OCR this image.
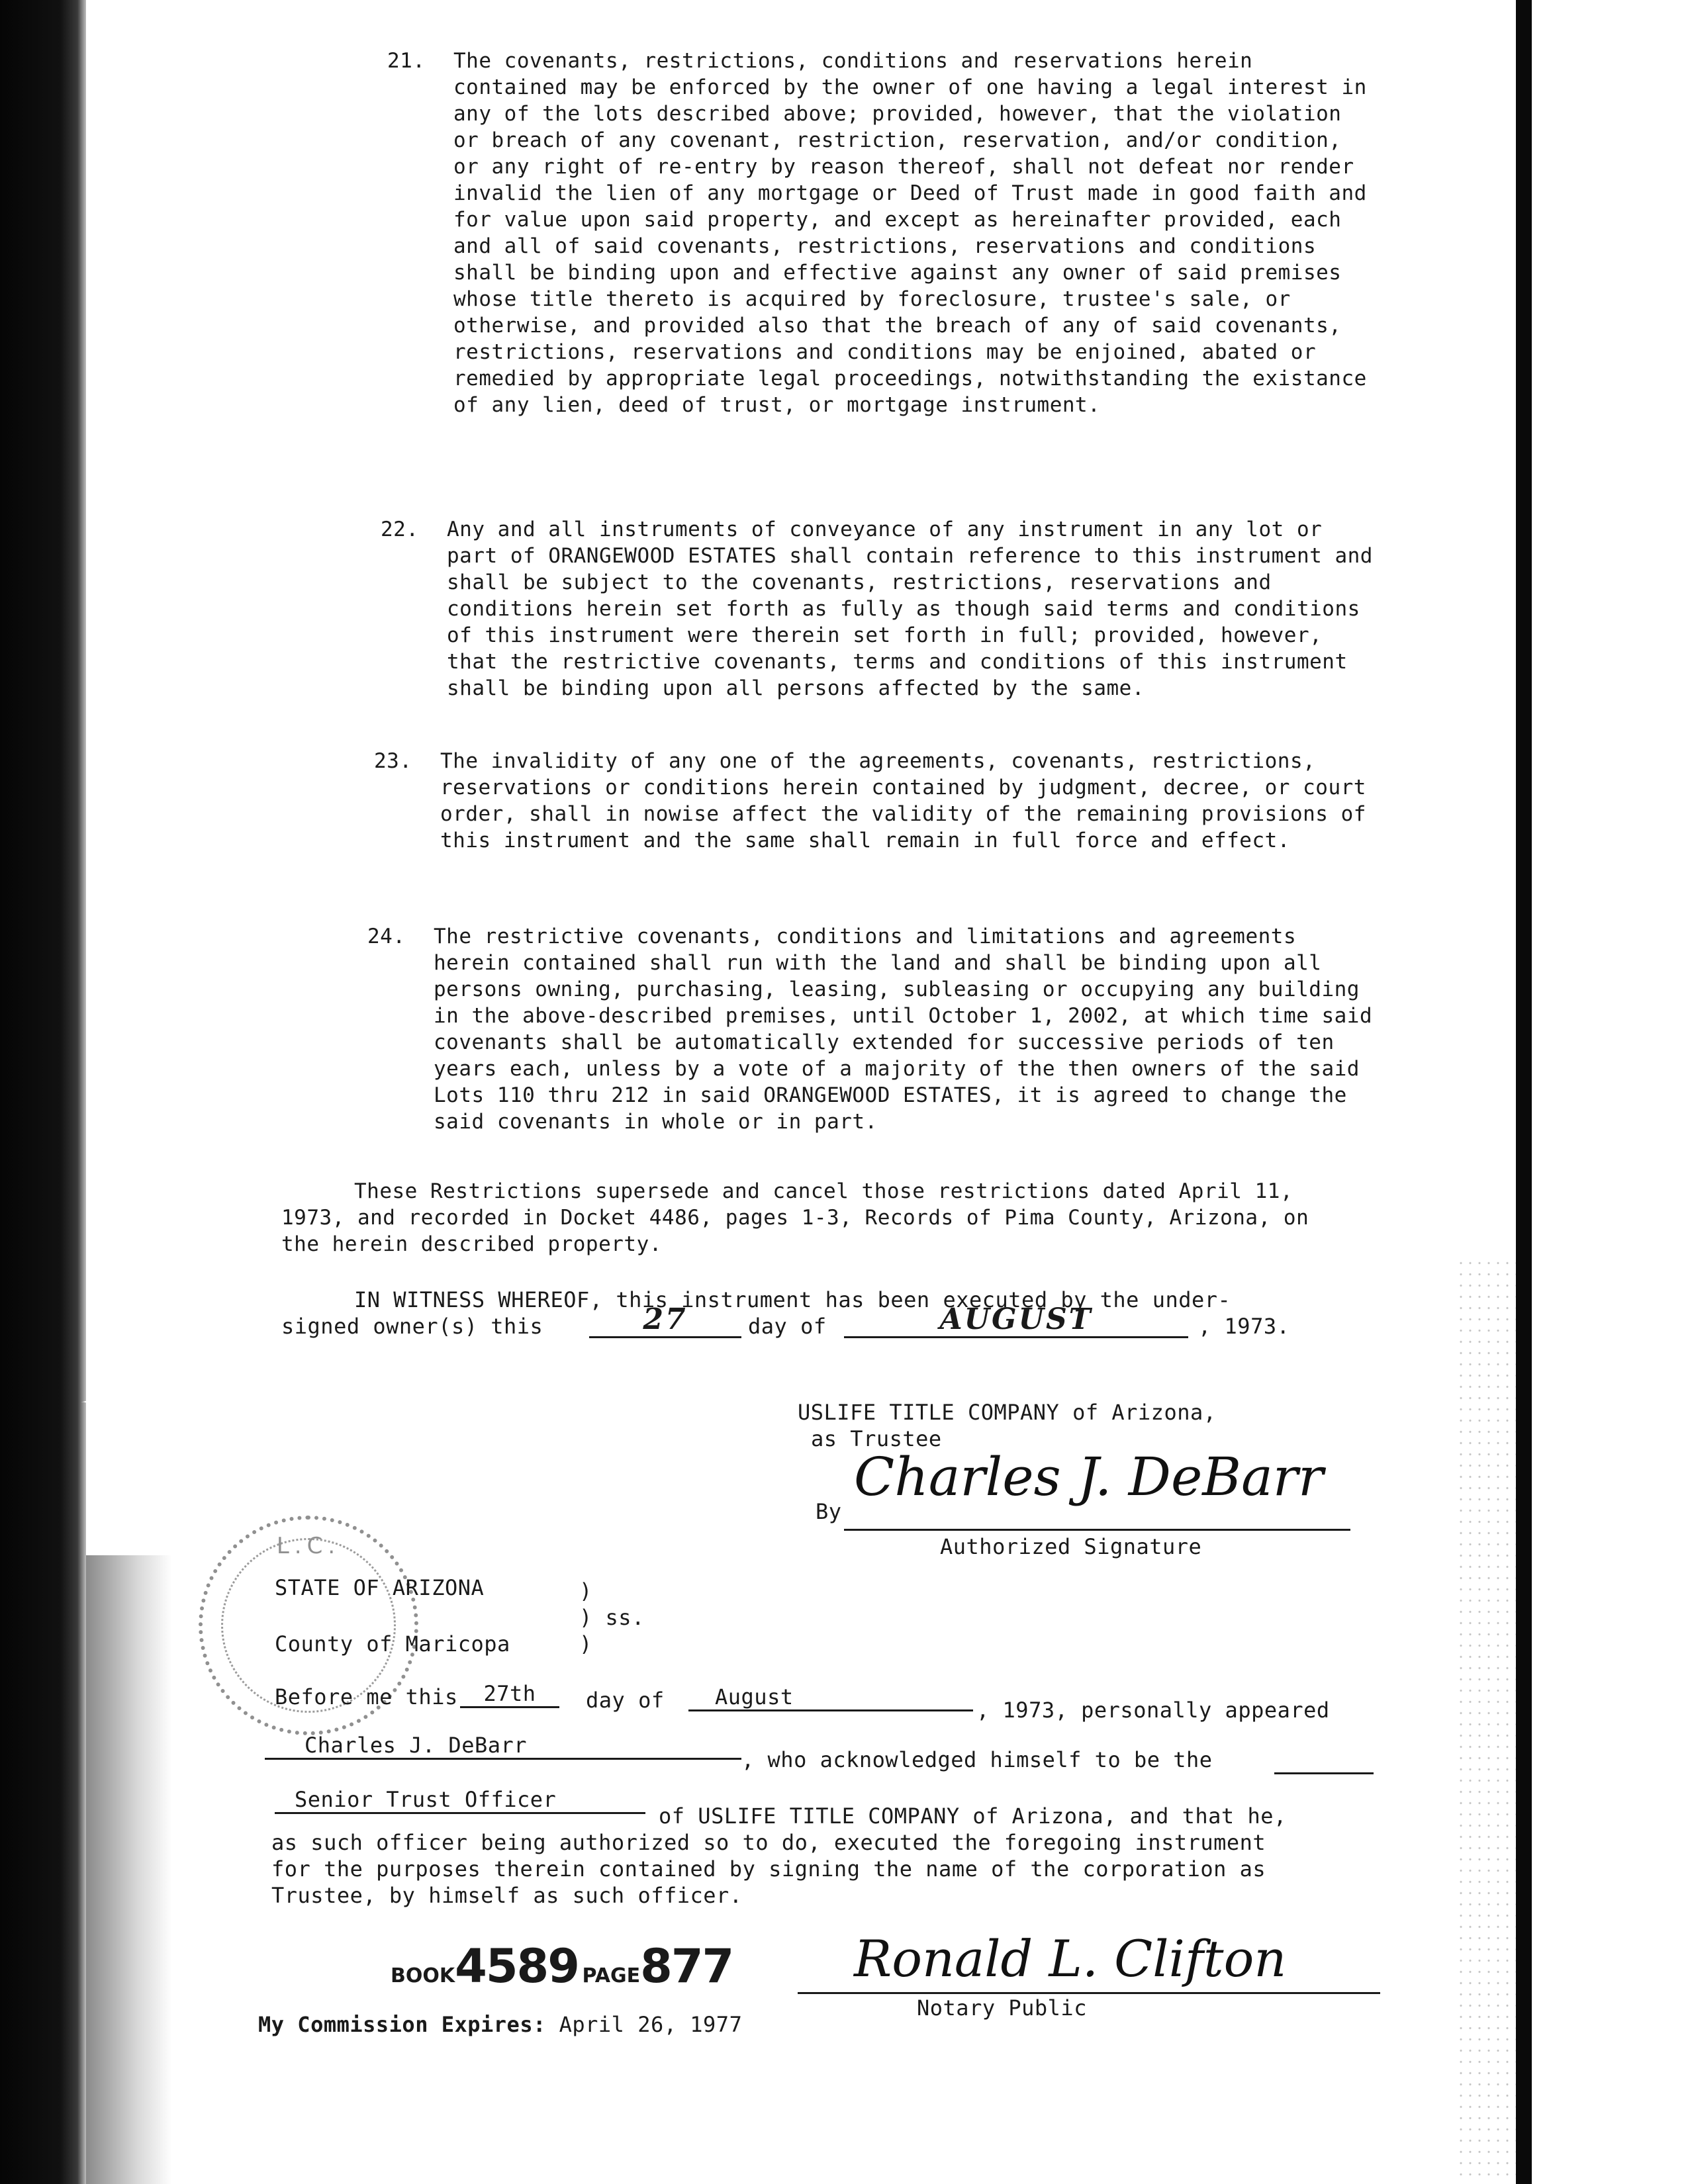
✦
21. The covenants, restrictions, conditions and reservations herein contained may be enforced by the owner of one having a legal interest in any of the lots described above; provided, however, that the violation or breach of any covenant, restriction, reservation, and/or condition, or any right of re-entry by reason thereof, shall not defeat nor render invalid the lien of any mortgage or Deed of Trust made in good faith and for value upon said property, and except as hereinafter provided, each and all of said covenants, restrictions, reservations and conditions shall be binding upon and effective against any owner of said premises whose title thereto is acquired by foreclosure, trustee's sale, or otherwise, and provided also that the breach of any of said covenants, restrictions, reservations and conditions may be enjoined, abated or remedied by appropriate legal proceedings, notwithstanding the existance of any lien, deed of trust, or mortgage instrument.
22. Any and all instruments of conveyance of any instrument in any lot or part of ORANGEWOOD ESTATES shall contain reference to this instrument and shall be subject to the covenants, restrictions, reservations and conditions herein set forth as fully as though said terms and conditions of this instrument were therein set forth in full; provided, however, that the restrictive covenants, terms and conditions of this instrument shall be binding upon all persons affected by the same.
23. The invalidity of any one of the agreements, covenants, restrictions, reservations or conditions herein contained by judgment, decree, or court order, shall in nowise affect the validity of the remaining provisions of this instrument and the same shall remain in full force and effect.
24. The restrictive covenants, conditions and limitations and agreements herein contained shall run with the land and shall be binding upon all persons owning, purchasing, leasing, subleasing or occupying any building in the above-described premises, until October 1, 2002, at which time said covenants shall be automatically extended for successive periods of ten years each, unless by a vote of a majority of the then owners of the said Lots 110 thru 212 in said ORANGEWOOD ESTATES, it is agreed to change the said covenants in whole or in part.
These Restrictions supersede and cancel those restrictions dated April 11, 1973, and recorded in Docket 4486, pages 1-3, Records of Pima County, Arizona, on the herein described property.
IN WITNESS WHEREOF, this instrument has been executed by the under-
signed owner(s) this	27	day of	AUGUST	, 1973.
USLIFE TITLE COMPANY of Arizona,
as Trustee
By
Charles J. DeBarr
Authorized Signature
L.C.
STATE OF ARIZONA	)
) ss.
County of Maricopa	)
Before me this	27th	day of	August
, 1973, personally appeared
Charles J. DeBarr
, who acknowledged himself to be the
Senior Trust Officer
of USLIFE TITLE COMPANY of Arizona, and that he,
as such officer being authorized so to do, executed the foregoing instrument
for the purposes therein contained by signing the name of the corporation as
Trustee, by himself as such officer.
BOOK4589 PAGE877 Ronald L. Clifton
Notary Public
My Commission Expires: April 26, 1977
